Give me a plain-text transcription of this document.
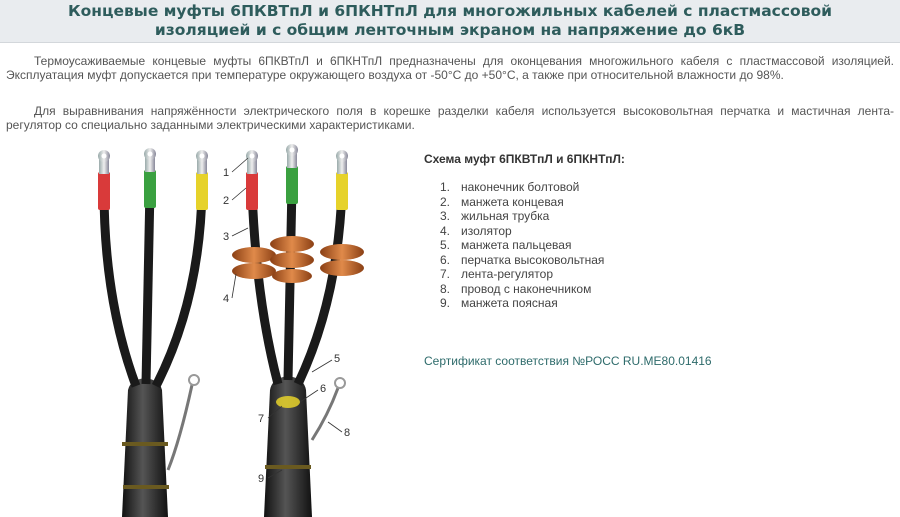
Концевые муфты 6ПКВТпЛ и 6ПКНТпЛ для многожильных кабелей с пластмассовой
изоляцией и с общим ленточным экраном на напряжение до 6кВ

Термоусаживаемые концевые муфты 6ПКВТпЛ и 6ПКНТпЛ предназначены для оконцевания многожильного кабеля с пластмассовой изоляцией. Эксплуатация муфт допускается при температуре окружающего воздуха от -50°С до +50°С, а также при относительной влажности до 98%.

Для выравнивания напряжённости электрического поля в корешке разделки кабеля используется высоковольтная перчатка и мастичная лента-регулятор со специально заданными электрическими характеристиками.

Схема муфт 6ПКВТпЛ и 6ПКНТпЛ:
1. наконечник болтовой
2. манжета концевая
3. жильная трубка
4. изолятор
5. манжета пальцевая
6. перчатка высоковольтная
7. лента-регулятор
8. провод с наконечником
9. манжета поясная
Сертификат соответствия №РОСС RU.ME80.01416
1
2
3
4
5
6
7
8
9
